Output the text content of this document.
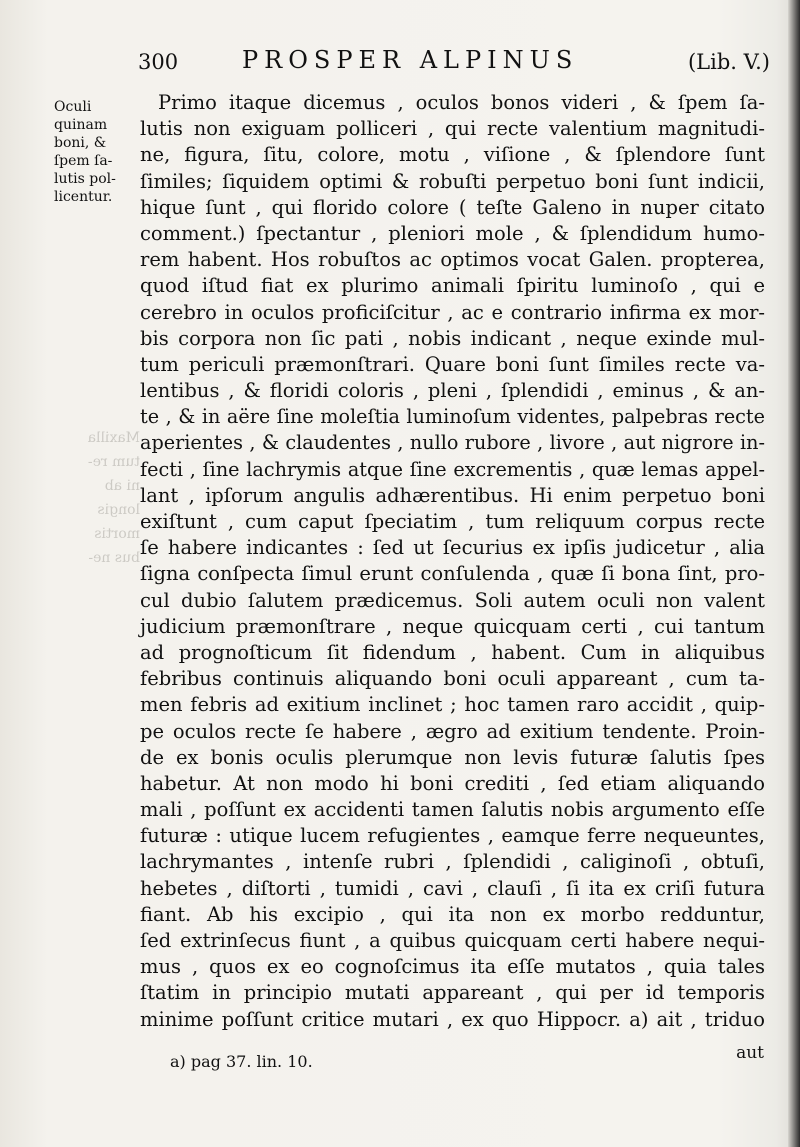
300	PROSPER ALPINUS	(Lib. V.)
Oculi
quinam
boni, &
ſpem ſa-
lutis pol-
licentur.
Maxilla
tum re-
ni ab
longis
mortis
bus ne-
Primo itaque dicemus , oculos bonos videri , & ſpem ſa-
lutis non exiguam polliceri , qui recte valentium magnitudi-
ne, figura, ſitu, colore, motu , viſione , & ſplendore ſunt
ſimiles; ſiquidem optimi & robuſti perpetuo boni ſunt indicii,
hique ſunt , qui florido colore ( teſte Galeno in nuper citato
comment.) ſpectantur , pleniori mole , & ſplendidum humo-
rem habent. Hos robuſtos ac optimos vocat Galen. propterea,
quod iſtud fiat ex plurimo animali ſpiritu luminoſo , qui e
cerebro in oculos proficiſcitur , ac e contrario infirma ex mor-
bis corpora non ſic pati , nobis indicant , neque exinde mul-
tum periculi præmonſtrari. Quare boni ſunt ſimiles recte va-
lentibus , & floridi coloris , pleni , ſplendidi , eminus , & an-
te , & in aëre ſine moleſtia luminoſum videntes, palpebras recte
aperientes , & claudentes , nullo rubore , livore , aut nigrore in-
fecti , ſine lachrymis atque ſine excrementis , quæ lemas appel-
lant , ipſorum angulis adhærentibus. Hi enim perpetuo boni
exiſtunt , cum caput ſpeciatim , tum reliquum corpus recte
ſe habere indicantes : ſed ut ſecurius ex ipſis judicetur , alia
ſigna conſpecta ſimul erunt conſulenda , quæ ſi bona ſint, pro-
cul dubio ſalutem prædicemus. Soli autem oculi non valent
judicium præmonſtrare , neque quicquam certi , cui tantum
ad prognoſticum ſit fidendum , habent. Cum in aliquibus
febribus continuis aliquando boni oculi appareant , cum ta-
men febris ad exitium inclinet ; hoc tamen raro accidit , quip-
pe oculos recte ſe habere , ægro ad exitium tendente. Proin-
de ex bonis oculis plerumque non levis futuræ ſalutis ſpes
habetur. At non modo hi boni crediti , ſed etiam aliquando
mali , poſſunt ex accidenti tamen ſalutis nobis argumento eſſe
futuræ : utique lucem refugientes , eamque ferre nequeuntes,
lachrymantes , intenſe rubri , ſplendidi , caliginoſi , obtuſi,
hebetes , diſtorti , tumidi , cavi , clauſi , ſi ita ex criſi futura
fiant. Ab his excipio , qui ita non ex morbo redduntur,
ſed extrinſecus fiunt , a quibus quicquam certi habere nequi-
mus , quos ex eo cognoſcimus ita eſſe mutatos , quia tales
ſtatim in principio mutati appareant , qui per id temporis
minime poſſunt critice mutari , ex quo Hippocr. a) ait , triduo
a) pag 37. lin. 10.	aut
